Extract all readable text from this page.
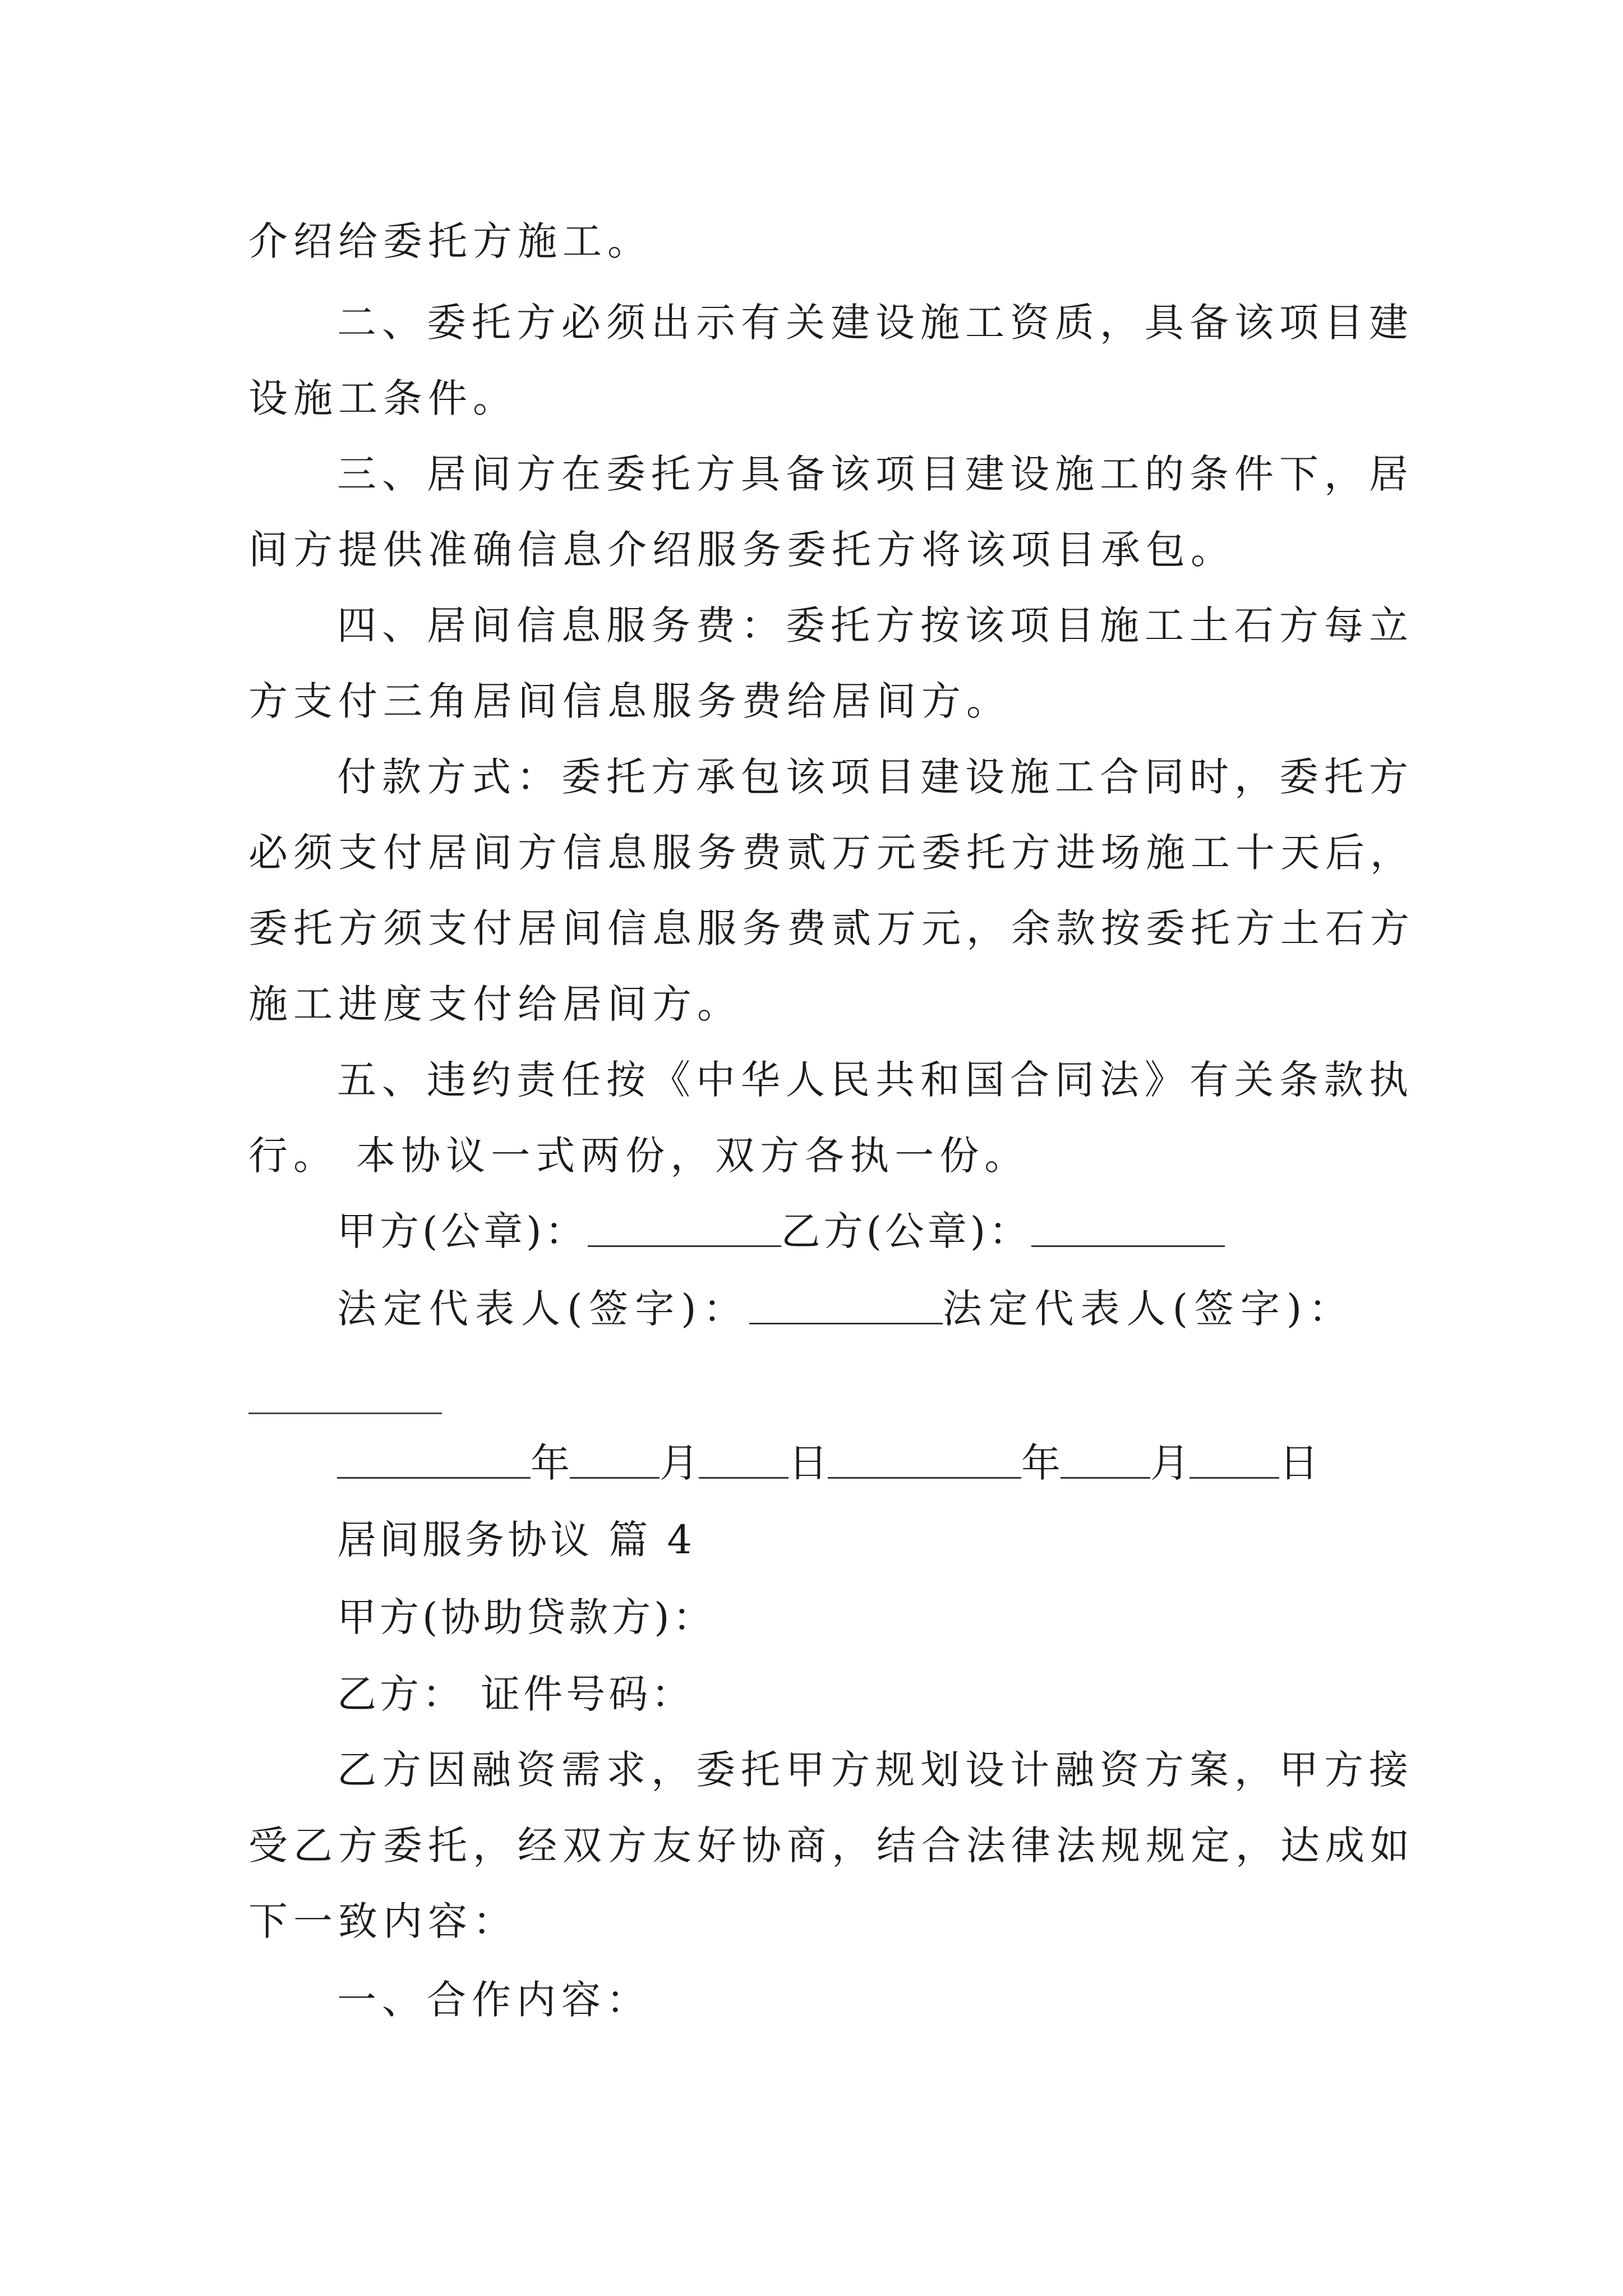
介绍给委托方施工。
二、委托方必须出示有关建设施工资质，具备该项目建
设施工条件。
三、居间方在委托方具备该项目建设施工的条件下，居
间方提供准确信息介绍服务委托方将该项目承包。
四、居间信息服务费：委托方按该项目施工土石方每立
方支付三角居间信息服务费给居间方。
付款方式：委托方承包该项目建设施工合同时，委托方
必须支付居间方信息服务费贰万元委托方进场施工十天后，
委托方须支付居间信息服务费贰万元，余款按委托方土石方
施工进度支付给居间方。
五、违约责任按《中华人民共和国合同法》有关条款执
行。 本协议一式两份，双方各执一份。
甲方(公章)：	乙方(公章)：
法定代表人(签字)：	法定代表人(签字)：
年 月 日	年 月 日
居间服务协议 篇 4
甲方(协助贷款方)：
乙方： 证件号码：
乙方因融资需求，委托甲方规划设计融资方案，甲方接
受乙方委托，经双方友好协商，结合法律法规规定，达成如
下一致内容：
一、合作内容：
